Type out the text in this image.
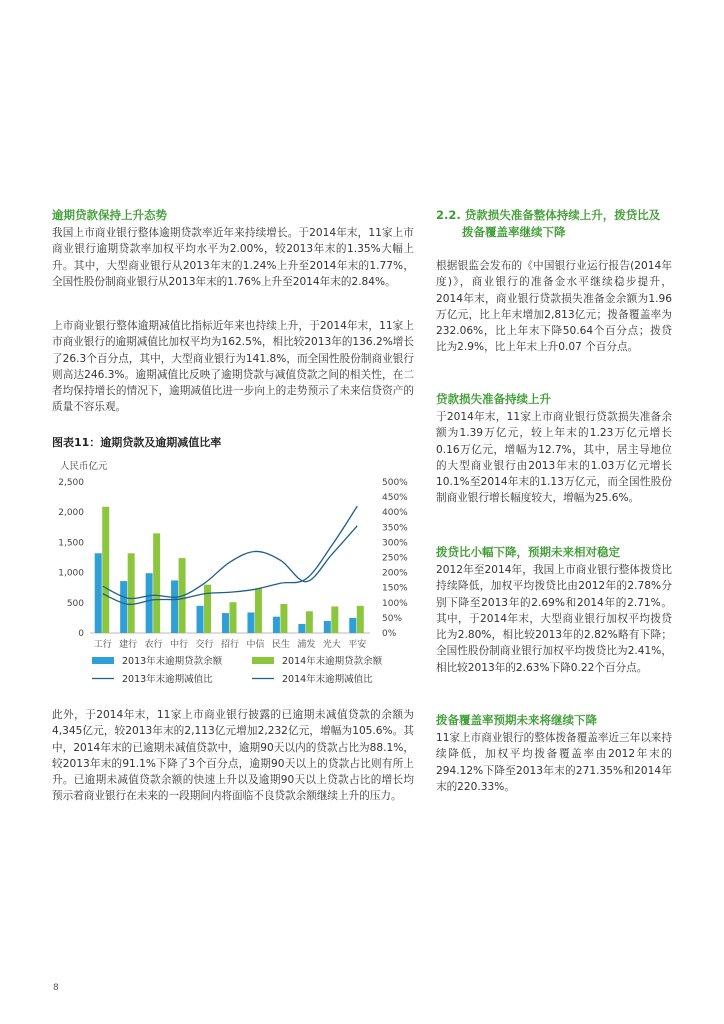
逾期贷款保持上升态势

我国上市商业银行整体逾期贷款率近年来持续增长。于2014年末，11家上市商业银行逾期贷款率加权平均水平为2.00%，较2013年末的1.35%大幅上升。其中，大型商业银行从2013年末的1.24%上升至2014年末的1.77%，全国性股份制商业银行从2013年末的1.76%上升至2014年末的2.84%。

上市商业银行整体逾期减值比指标近年来也持续上升，于2014年末，11家上市商业银行的逾期减值比加权平均为162.5%，相比较2013年的136.2%增长了26.3个百分点，其中，大型商业银行为141.8%，而全国性股份制商业银行则高达246.3%。逾期减值比反映了逾期贷款与减值贷款之间的相关性，在二者均保持增长的情况下，逾期减值比进一步向上的走势预示了未来信贷资产的质量不容乐观。

图表11：逾期贷款及逾期减值比率
人民币亿元
2,500
2,000
1,500
1,000
500
0
500%
450%
400%
350%
300%
250%
200%
150%
100%
50%
0%
工行 建行 农行 中行 交行 招行 中信 民生 浦发 光大 平安
2013年末逾期贷款余额	2014年末逾期贷款余额
2013年末逾期减值比	2014年末逾期减值比

此外，于2014年末，11家上市商业银行披露的已逾期未减值贷款的余额为4,345亿元，较2013年末的2,113亿元增加2,232亿元，增幅为105.6%。其中，2014年末的已逾期未减值贷款中，逾期90天以内的贷款占比为88.1%，较2013年末的91.1%下降了3个百分点，逾期90天以上的贷款占比则有所上升。已逾期未减值贷款余额的快速上升以及逾期90天以上贷款占比的增长均预示着商业银行在未来的一段期间内将面临不良贷款余额继续上升的压力。

2.2. 贷款损失准备整体持续上升，拨贷比及
拨备覆盖率继续下降

根据银监会发布的《中国银行业运行报告(2014年度)》，商业银行的准备金水平继续稳步提升，2014年末，商业银行贷款损失准备金余额为1.96万亿元，比上年末增加2,813亿元；拨备覆盖率为232.06%，比上年末下降50.64个百分点；拨贷比为2.9%，比上年末上升0.07 个百分点。

贷款损失准备持续上升

于2014年末，11家上市商业银行贷款损失准备余额为1.39万亿元，较上年末的1.23万亿元增长0.16万亿元，增幅为12.7%，其中，居主导地位的大型商业银行由2013年末的1.03万亿元增长10.1%至2014年末的1.13万亿元，而全国性股份制商业银行增长幅度较大，增幅为25.6%。

拨贷比小幅下降，预期未来相对稳定

2012年至2014年，我国上市商业银行整体拨贷比持续降低，加权平均拨贷比由2012年的2.78%分别下降至2013年的2.69%和2014年的2.71%。其中，于2014年末，大型商业银行加权平均拨贷比为2.80%，相比较2013年的2.82%略有下降；全国性股份制商业银行加权平均拨贷比为2.41%，相比较2013年的2.63%下降0.22个百分点。

拨备覆盖率预期未来将继续下降

11家上市商业银行的整体拨备覆盖率近三年以来持续降低，加权平均拨备覆盖率由2012年末的294.12%下降至2013年末的271.35%和2014年末的220.33%。

8
